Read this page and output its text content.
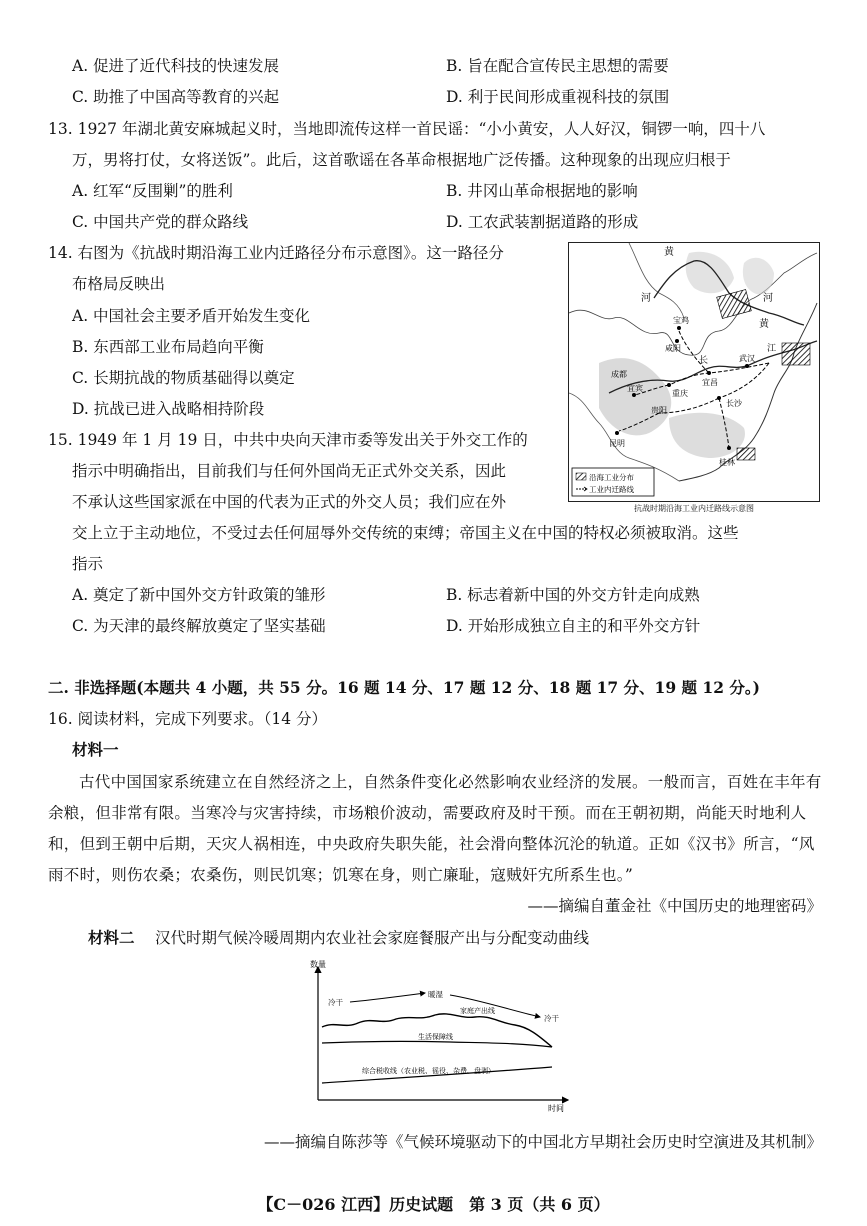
A. 促进了近代科技的快速发展	B. 旨在配合宣传民主思想的需要
C. 助推了中国高等教育的兴起	D. 利于民间形成重视科技的氛围
13. 1927 年湖北黄安麻城起义时，当地即流传这样一首民谣：“小小黄安，人人好汉，铜锣一响，四十八
万，男将打仗，女将送饭”。此后，这首歌谣在各革命根据地广泛传播。这种现象的出现应归根于
A. 红军“反围剿”的胜利	B. 井冈山革命根据地的影响
C. 中国共产党的群众路线	D. 工农武装割据道路的形成
14. 右图为《抗战时期沿海工业内迁路径分布示意图》。这一路径分
布格局反映出
A. 中国社会主要矛盾开始发生变化
B. 东西部工业布局趋向平衡
C. 长期抗战的物质基础得以奠定
D. 抗战已进入战略相持阶段
黄
河	河
黄
宝鸡
咸阳
长
江
成都
宜昌
武汉
宜宾
重庆
长沙
贵阳
昆明
桂林
沿海工业分布
工业内迁路线
抗战时期沿海工业内迁路线示意图
15. 1949 年 1 月 19 日，中共中央向天津市委等发出关于外交工作的
指示中明确指出，目前我们与任何外国尚无正式外交关系，因此
不承认这些国家派在中国的代表为正式的外交人员；我们应在外
交上立于主动地位，不受过去任何屈辱外交传统的束缚；帝国主义在中国的特权必须被取消。这些
指示
A. 奠定了新中国外交方针政策的雏形	B. 标志着新中国的外交方针走向成熟
C. 为天津的最终解放奠定了坚实基础	D. 开始形成独立自主的和平外交方针
二. 非选择题(本题共 4 小题，共 55 分。16 题 14 分、17 题 12 分、18 题 17 分、19 题 12 分。)
16. 阅读材料，完成下列要求。（14 分）
材料一

古代中国国家系统建立在自然经济之上，自然条件变化必然影响农业经济的发展。一般而言，百姓在丰年有余粮，但非常有限。当寒冷与灾害持续，市场粮价波动，需要政府及时干预。而在王朝初期，尚能天时地利人和，但到王朝中后期，天灾人祸相连，中央政府失职失能，社会滑向整体沉沦的轨道。正如《汉书》所言，“风雨不时，则伤农桑；农桑伤，则民饥寒；饥寒在身，则亡廉耻，寇贼奸宄所系生也。”

——摘编自董金社《中国历史的地理密码》
材料二 汉代时期气候冷暖周期内农业社会家庭餐服产出与分配变动曲线
数量
时间
冷干
暖湿
冷干
家庭产出线
生活保障线
综合税收线（农业税、徭役、杂费、盘剥）
——摘编自陈莎等《气候环境驱动下的中国北方早期社会历史时空演进及其机制》
【C－026 江西】历史试题　第 3 页（共 6 页）
